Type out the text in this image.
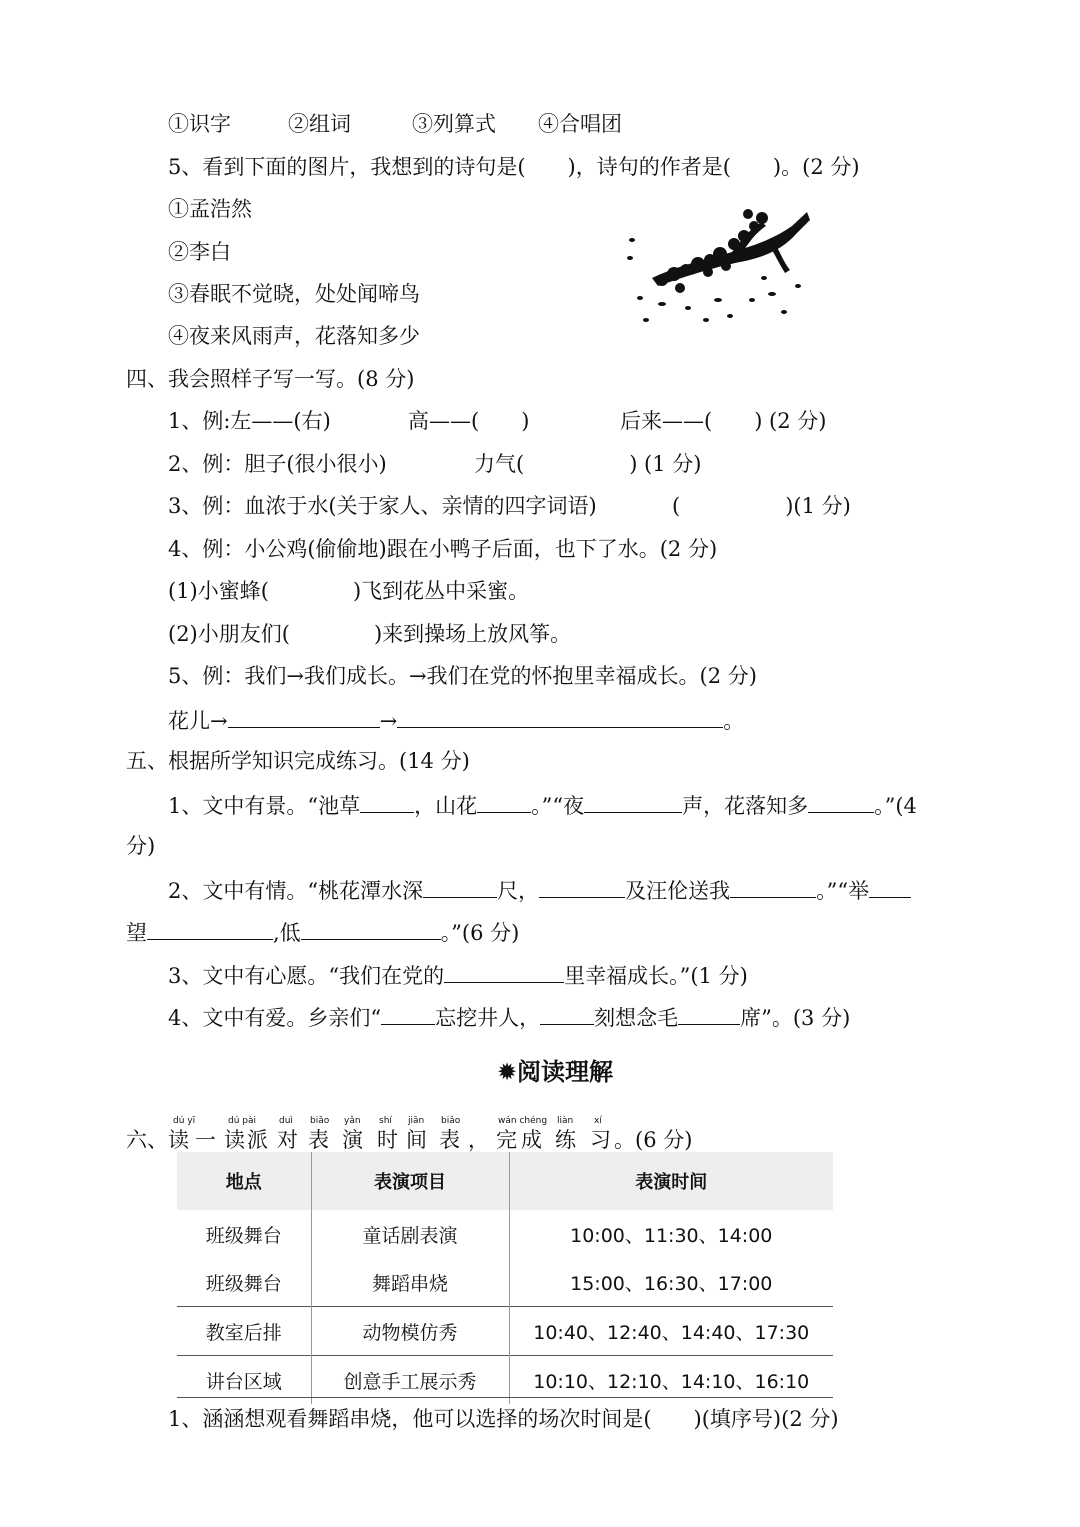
①识字	②组词	③列算式 ④合唱团
5、看到下面的图片，我想到的诗句是(　　)，诗句的作者是(　　)。(2 分)
①孟浩然
②李白
③春眠不觉晓，处处闻啼鸟
④夜来风雨声，花落知多少
四、我会照样子写一写。(8 分)
1、例:左——(右)	高——(　　)	后来——(　　) (2 分)
2、例：胆子(很小很小)	力气(　　　　　) (1 分)
3、例：血浓于水(关于家人、亲情的四字词语)	(　　　　　)(1 分)
4、例：小公鸡(偷偷地)跟在小鸭子后面，也下了水。(2 分)
(1)小蜜蜂(　　　　)飞到花丛中采蜜。
(2)小朋友们(　　　　)来到操场上放风筝。
5、例：我们→我们成长。→我们在党的怀抱里幸福成长。(2 分)
花儿→	→	。
五、根据所学知识完成练习。(14 分)
1、文中有景。“池草	，山花	。”“夜	声，花落知多	。”(4
分)
2、文中有情。“桃花潭水深	尺，	及汪伦送我	。”“举
望	,低	。”(6 分)
3、文中有心愿。“我们在党的	里幸福成长。”(1 分)
4、文中有爱。乡亲们“	忘挖井人，	刻想念毛	席”。(3 分)
✹阅读理解
dú yī	dú pài	duì biǎo yǎn shí jiān biǎo	wán chéng liàn xí
六、 读 一 读 派 对 表 演 时 间 表 ， 完 成 练 习 。(6 分)
地点	表演项目	表演时间
班级舞台	童话剧表演	10:00、11:30、14:00
班级舞台	舞蹈串烧	15:00、16:30、17:00
教室后排	动物模仿秀	10:40、12:40、14:40、17:30
讲台区域	创意手工展示秀	10:10、12:10、14:10、16:10
1、涵涵想观看舞蹈串烧，他可以选择的场次时间是(　　)(填序号)(2 分)
